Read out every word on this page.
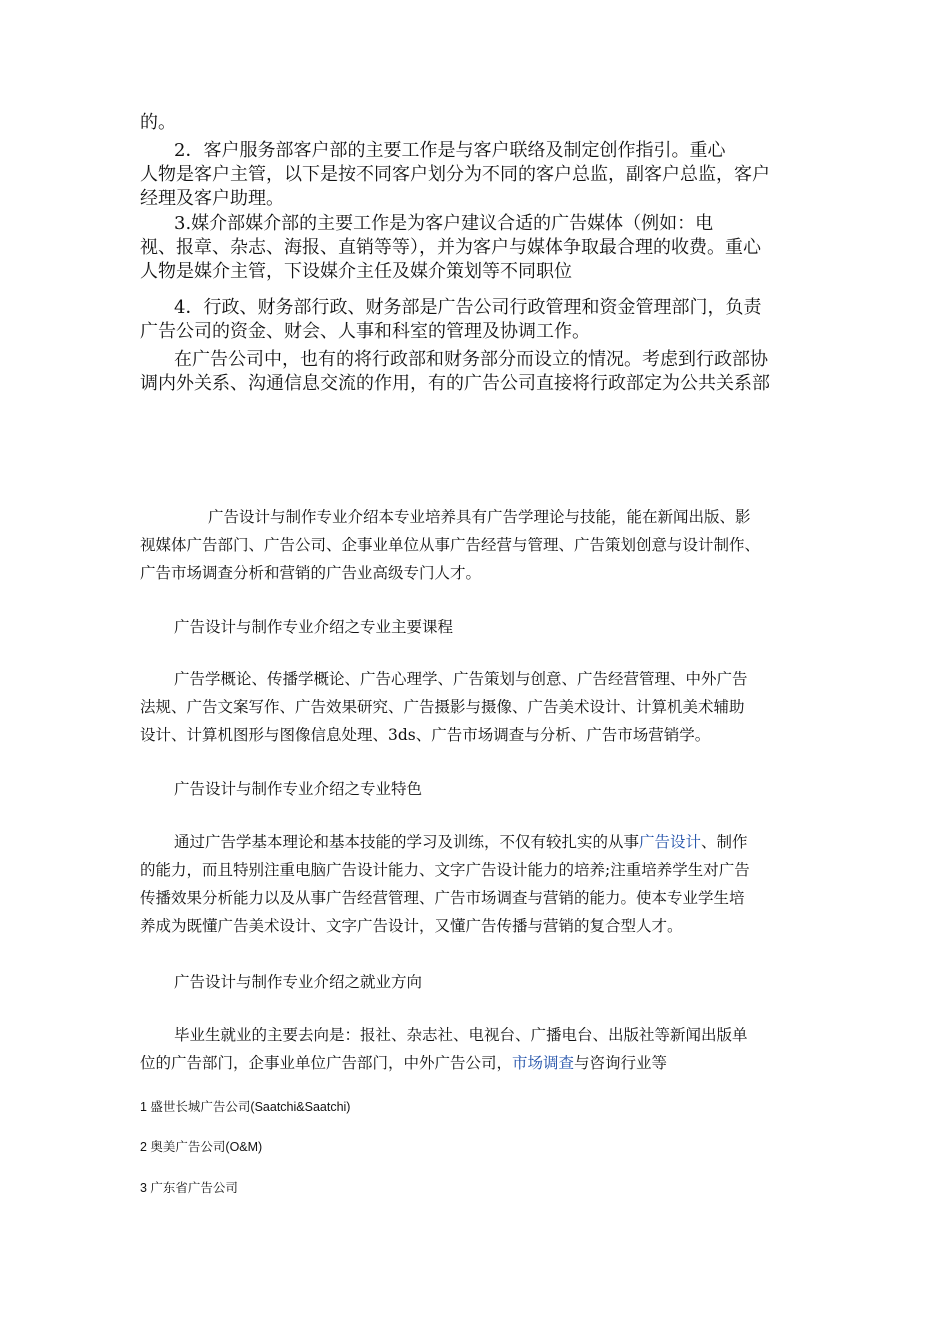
的。

2．客户服务部客户部的主要工作是与客户联络及制定创作指引。重心
人物是客户主管，以下是按不同客户划分为不同的客户总监，副客户总监，客户
经理及客户助理。
3.媒介部媒介部的主要工作是为客户建议合适的广告媒体（例如：电
视、报章、杂志、海报、直销等等），并为客户与媒体争取最合理的收费。重心
人物是媒介主管，下设媒介主任及媒介策划等不同职位
4．行政、财务部行政、财务部是广告公司行政管理和资金管理部门，负责
广告公司的资金、财会、人事和科室的管理及协调工作。
在广告公司中，也有的将行政部和财务部分而设立的情况。考虑到行政部协
调内外关系、沟通信息交流的作用，有的广告公司直接将行政部定为公共关系部
广告设计与制作专业介绍本专业培养具有广告学理论与技能，能在新闻出版、影
视媒体广告部门、广告公司、企事业单位从事广告经营与管理、广告策划创意与设计制作、
广告市场调查分析和营销的广告业高级专门人才。

广告设计与制作专业介绍之专业主要课程

广告学概论、传播学概论、广告心理学、广告策划与创意、广告经营管理、中外广告
法规、广告文案写作、广告效果研究、广告摄影与摄像、广告美术设计、计算机美术辅助
设计、计算机图形与图像信息处理、3ds、广告市场调查与分析、广告市场营销学。

广告设计与制作专业介绍之专业特色

通过广告学基本理论和基本技能的学习及训练，不仅有较扎实的从事广告设计、制作
的能力，而且特别注重电脑广告设计能力、文字广告设计能力的培养;注重培养学生对广告
传播效果分析能力以及从事广告经营管理、广告市场调查与营销的能力。使本专业学生培
养成为既懂广告美术设计、文字广告设计，又懂广告传播与营销的复合型人才。

广告设计与制作专业介绍之就业方向

毕业生就业的主要去向是：报社、杂志社、电视台、广播电台、出版社等新闻出版单
位的广告部门，企事业单位广告部门，中外广告公司，市场调查与咨询行业等

1 盛世长城广告公司(Saatchi&Saatchi)

2 奥美广告公司(O&M)

3 广东省广告公司
